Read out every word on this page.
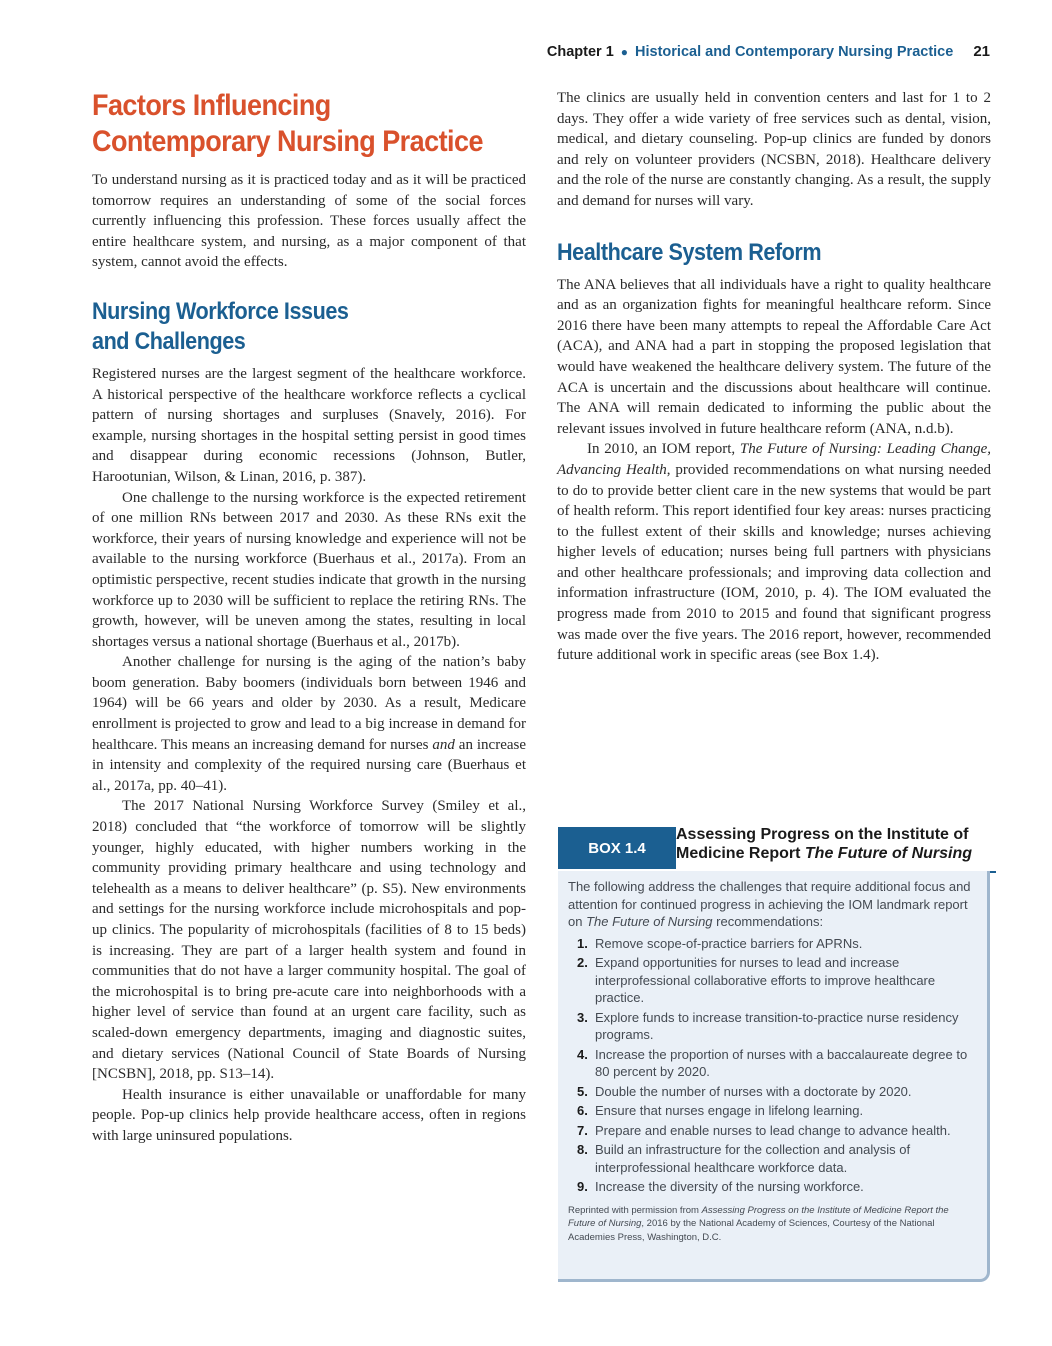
Chapter 1 ● Historical and Contemporary Nursing Practice 21
Factors Influencing
Contemporary Nursing Practice

To understand nursing as it is practiced today and as it will be practiced tomorrow requires an understanding of some of the social forces currently influencing this profession. These forces usually affect the entire healthcare system, and nursing, as a major component of that system, cannot avoid the effects.

Nursing Workforce Issues
and Challenges

Registered nurses are the largest segment of the healthcare workforce. A historical perspective of the healthcare workforce reflects a cyclical pattern of nursing shortages and surpluses (Snavely, 2016). For example, nursing shortages in the hospital setting persist in good times and disappear during economic recessions (Johnson, Butler, Harootunian, Wilson, & Linan, 2016, p. 387).

One challenge to the nursing workforce is the expected retirement of one million RNs between 2017 and 2030. As these RNs exit the workforce, their years of nursing knowledge and experience will not be available to the nursing workforce (Buerhaus et al., 2017a). From an optimistic perspective, recent studies indicate that growth in the nursing workforce up to 2030 will be sufficient to replace the retiring RNs. The growth, however, will be uneven among the states, resulting in local shortages versus a national shortage (Buerhaus et al., 2017b).

Another challenge for nursing is the aging of the nation’s baby boom generation. Baby boomers (individuals born between 1946 and 1964) will be 66 years and older by 2030. As a result, Medicare enrollment is projected to grow and lead to a big increase in demand for healthcare. This means an increasing demand for nurses and an increase in intensity and complexity of the required nursing care (Buerhaus et al., 2017a, pp. 40–41).

The 2017 National Nursing Workforce Survey (Smiley et al., 2018) concluded that “the workforce of tomorrow will be slightly younger, highly educated, with higher numbers working in the community providing primary healthcare and using technology and telehealth as a means to deliver healthcare” (p. S5). New environments and settings for the nursing workforce include microhospitals and pop-up clinics. The popularity of microhospitals (facilities of 8 to 15 beds) is increasing. They are part of a larger health system and found in communities that do not have a larger community hospital. The goal of the microhospital is to bring pre-acute care into neighborhoods with a higher level of service than found at an urgent care facility, such as scaled-down emergency departments, imaging and diagnostic suites, and dietary services (National Council of State Boards of Nursing [NCSBN], 2018, pp. S13–14).

Health insurance is either unavailable or unaffordable for many people. Pop-up clinics help provide healthcare access, often in regions with large uninsured populations.

The clinics are usually held in convention centers and last for 1 to 2 days. They offer a wide variety of free services such as dental, vision, medical, and dietary counseling. Pop-up clinics are funded by donors and rely on volunteer providers (NCSBN, 2018). Healthcare delivery and the role of the nurse are constantly changing. As a result, the supply and demand for nurses will vary.

Healthcare System Reform

The ANA believes that all individuals have a right to quality healthcare and as an organization fights for meaningful healthcare reform. Since 2016 there have been many attempts to repeal the Affordable Care Act (ACA), and ANA had a part in stopping the proposed legislation that would have weakened the healthcare delivery system. The future of the ACA is uncertain and the discussions about healthcare will continue. The ANA will remain dedicated to informing the public about the relevant issues involved in future healthcare reform (ANA, n.d.b).

In 2010, an IOM report, The Future of Nursing: Leading Change, Advancing Health, provided recommendations on what nursing needed to do to provide better client care in the new systems that would be part of health reform. This report identified four key areas: nurses practicing to the fullest extent of their skills and knowledge; nurses achieving higher levels of education; nurses being full partners with physicians and other healthcare professionals; and improving data collection and information infrastructure (IOM, 2010, p. 4). The IOM evaluated the progress made from 2010 to 2015 and found that significant progress was made over the five years. The 2016 report, however, recommended future additional work in specific areas (see Box 1.4).

BOX 1.4
Assessing Progress on the Institute of
Medicine Report The Future of Nursing

The following address the challenges that require additional focus and attention for continued progress in achieving the IOM landmark report on The Future of Nursing recommendations:

1. Remove scope-of-practice barriers for APRNs.
2. Expand opportunities for nurses to lead and increase interprofessional collaborative efforts to improve healthcare practice.
3. Explore funds to increase transition-to-practice nurse residency programs.
4. Increase the proportion of nurses with a baccalaureate degree to 80 percent by 2020.
5. Double the number of nurses with a doctorate by 2020.
6. Ensure that nurses engage in lifelong learning.
7. Prepare and enable nurses to lead change to advance health.
8. Build an infrastructure for the collection and analysis of interprofessional healthcare workforce data.
9. Increase the diversity of the nursing workforce.

Reprinted with permission from Assessing Progress on the Institute of Medicine Report the Future of Nursing, 2016 by the National Academy of Sciences, Courtesy of the National Academies Press, Washington, D.C.
